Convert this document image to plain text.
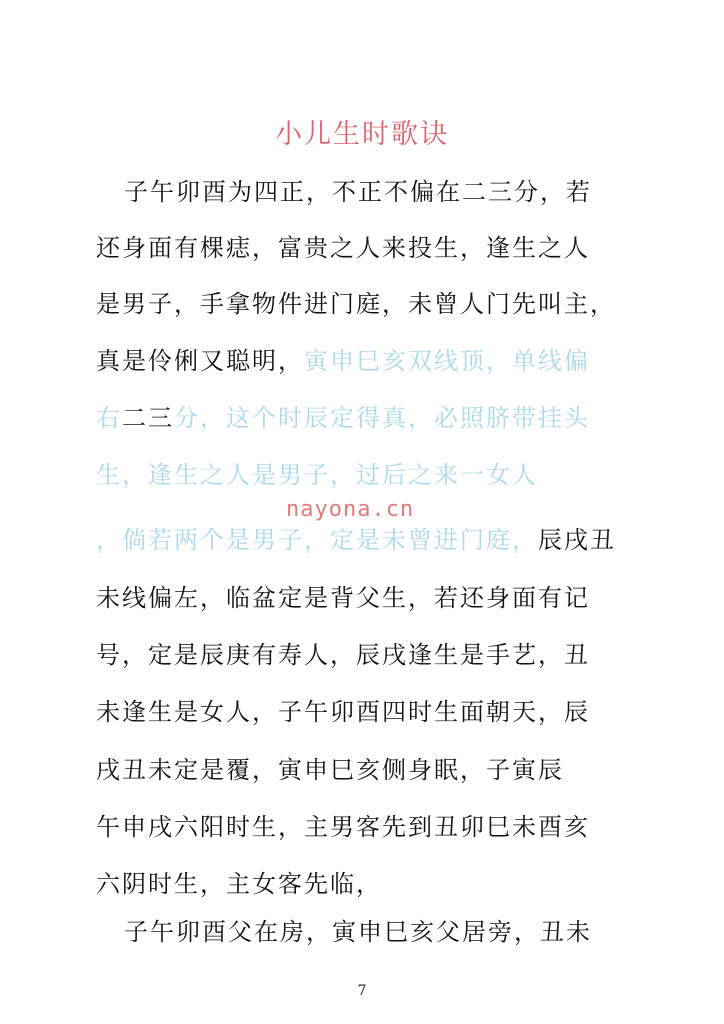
小儿生时歌诀
子午卯酉为四正，不正不偏在二三分，若
还身面有棵痣，富贵之人来投生，逢生之人
是男子，手拿物件进门庭，未曾人门先叫主，
真是伶俐又聪明，寅申巳亥双线顶，单线偏
右二三分，这个时辰定得真，必照脐带挂头
生，逢生之人是男子，过后之来一女人
，倘若两个是男子，定是未曾进门庭，辰戌丑
未线偏左，临盆定是背父生，若还身面有记
号，定是辰庚有寿人，辰戌逢生是手艺，丑
未逢生是女人，子午卯酉四时生面朝天，辰
戌丑未定是覆，寅申巳亥侧身眠，子寅辰
午申戌六阳时生，主男客先到丑卯巳未酉亥
六阴时生，主女客先临，
子午卯酉父在房，寅申巳亥父居旁，丑未
nayona.cn
7
